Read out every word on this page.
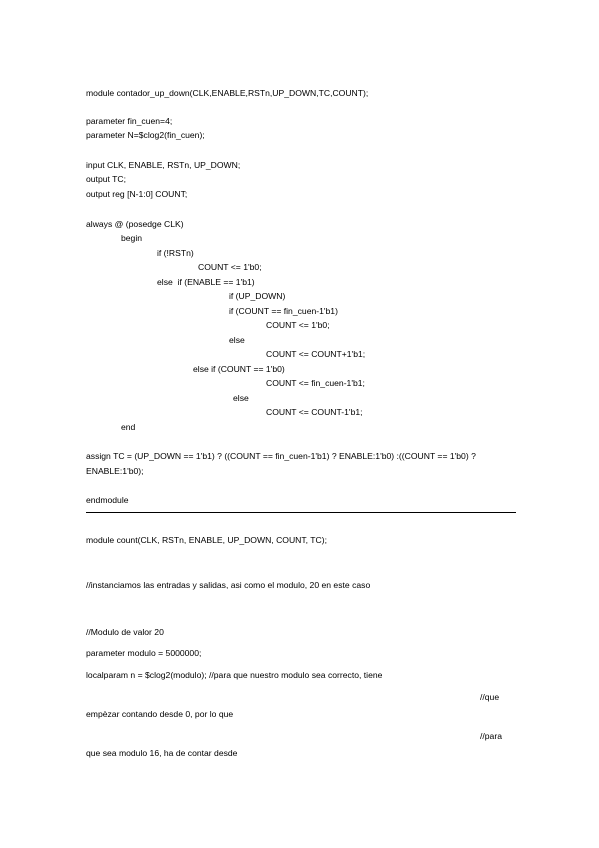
module contador_up_down(CLK,ENABLE,RSTn,UP_DOWN,TC,COUNT);
parameter fin_cuen=4;
parameter N=$clog2(fin_cuen);
input CLK, ENABLE, RSTn, UP_DOWN;
output TC;
output reg [N-1:0] COUNT;
always @ (posedge CLK)
begin
if (!RSTn)
COUNT <= 1'b0;
else  if (ENABLE == 1'b1)
if (UP_DOWN)
if (COUNT == fin_cuen-1'b1)
COUNT <= 1'b0;
else
COUNT <= COUNT+1'b1;
else if (COUNT == 1'b0)
COUNT <= fin_cuen-1'b1;
else
COUNT <= COUNT-1'b1;
end
assign TC = (UP_DOWN == 1'b1) ? ((COUNT == fin_cuen-1'b1) ? ENABLE:1'b0) :((COUNT == 1'b0) ?
ENABLE:1'b0);
endmodule
module count(CLK, RSTn, ENABLE, UP_DOWN, COUNT, TC);
//instanciamos las entradas y salidas, asi como el modulo, 20 en este caso
//Modulo de valor 20
parameter modulo = 5000000;
localparam n = $clog2(modulo); //para que nuestro modulo sea correcto, tiene
//que
empèzar contando desde 0, por lo que
//para
que sea modulo 16, ha de contar desde
